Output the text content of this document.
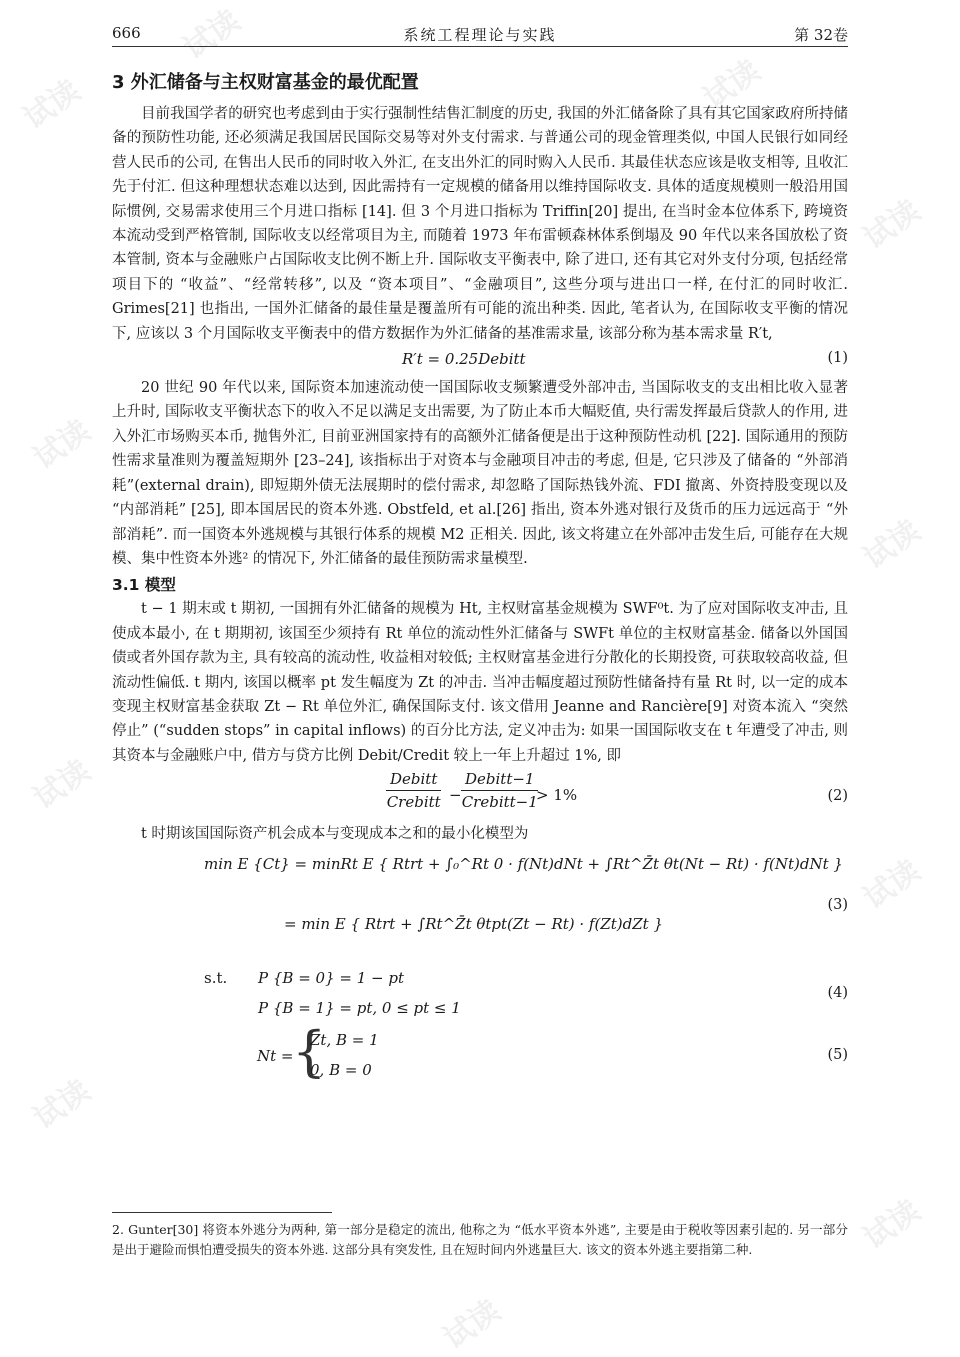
试读
试读
试读
试读
试读
试读
试读
试读
试读
试读
试读
666	系统工程理论与实践	第 32卷
3 外汇储备与主权财富基金的最优配置

目前我国学者的研究也考虑到由于实行强制性结售汇制度的历史, 我国的外汇储备除了具有其它国家政府所持储备的预防性功能, 还必须满足我国居民国际交易等对外支付需求. 与普通公司的现金管理类似, 中国人民银行如同经营人民币的公司, 在售出人民币的同时收入外汇, 在支出外汇的同时购入人民币. 其最佳状态应该是收支相等, 且收汇先于付汇. 但这种理想状态难以达到, 因此需持有一定规模的储备用以维持国际收支. 具体的适度规模则一般沿用国际惯例, 交易需求使用三个月进口指标 [14]. 但 3 个月进口指标为 Triffin[20] 提出, 在当时金本位体系下, 跨境资本流动受到严格管制, 国际收支以经常项目为主, 而随着 1973 年布雷顿森林体系倒塌及 90 年代以来各国放松了资本管制, 资本与金融账户占国际收支比例不断上升. 国际收支平衡表中, 除了进口, 还有其它对外支付分项, 包括经常项目下的 “收益”、“经常转移”, 以及 “资本项目”、“金融项目”, 这些分项与进出口一样, 在付汇的同时收汇. Grimes[21] 也指出, 一国外汇储备的最佳量是覆盖所有可能的流出种类. 因此, 笔者认为, 在国际收支平衡的情况下, 应该以 3 个月国际收支平衡表中的借方数据作为外汇储备的基准需求量, 该部分称为基本需求量 R′t,

R′t = 0.25Debitt	(1)

20 世纪 90 年代以来, 国际资本加速流动使一国国际收支频繁遭受外部冲击, 当国际收支的支出相比收入显著上升时, 国际收支平衡状态下的收入不足以满足支出需要, 为了防止本币大幅贬值, 央行需发挥最后贷款人的作用, 进入外汇市场购买本币, 抛售外汇, 目前亚洲国家持有的高额外汇储备便是出于这种预防性动机 [22]. 国际通用的预防性需求量准则为覆盖短期外 [23–24], 该指标出于对资本与金融项目冲击的考虑, 但是, 它只涉及了储备的 “外部消耗”(external drain), 即短期外债无法展期时的偿付需求, 却忽略了国际热钱外流、FDI 撤离、外资持股变现以及 “内部消耗” [25], 即本国居民的资本外逃. Obstfeld, et al.[26] 指出, 资本外逃对银行及货币的压力远远高于 “外部消耗”. 而一国资本外逃规模与其银行体系的规模 M2 正相关. 因此, 该文将建立在外部冲击发生后, 可能存在大规模、集中性资本外逃² 的情况下, 外汇储备的最佳预防需求量模型.

3.1 模型

t − 1 期末或 t 期初, 一国拥有外汇储备的规模为 Ht, 主权财富基金规模为 SWF⁰t. 为了应对国际收支冲击, 且使成本最小, 在 t 期期初, 该国至少须持有 Rt 单位的流动性外汇储备与 SWFt 单位的主权财富基金. 储备以外国国债或者外国存款为主, 具有较高的流动性, 收益相对较低; 主权财富基金进行分散化的长期投资, 可获取较高收益, 但流动性偏低. t 期内, 该国以概率 pt 发生幅度为 Zt 的冲击. 当冲击幅度超过预防性储备持有量 Rt 时, 以一定的成本变现主权财富基金获取 Zt − Rt 单位外汇, 确保国际支付. 该文借用 Jeanne and Rancière[9] 对资本流入 “突然停止” (“sudden stops” in capital inflows) 的百分比方法, 定义冲击为: 如果一国国际收支在 t 年遭受了冲击, 则其资本与金融账户中, 借方与贷方比例 Debit/Credit 较上一年上升超过 1%, 即

Debitt
Crebitt −
Debitt−1
Crebitt−1
> 1%	(2)

t 时期该国国际资产机会成本与变现成本之和的最小化模型为

min E {Ct} = minRt E { Rtrt + ∫₀^Rt 0 · f(Nt)dNt + ∫Rt^Z̄t θt(Nt − Rt) · f(Nt)dNt }
= min E { Rtrt + ∫Rt^Z̄t θtpt(Zt − Rt) · f(Zt)dZt }
(3)
s.t. P {B = 0} = 1 − pt
P {B = 1} = pt, 0 ≤ pt ≤ 1
(4)
Nt =
{
Zt, B = 1
0, B = 0
(5)
2. Gunter[30] 将资本外逃分为两种, 第一部分是稳定的流出, 他称之为 “低水平资本外逃”, 主要是由于税收等因素引起的. 另一部分是出于避险而惧怕遭受损失的资本外逃. 这部分具有突发性, 且在短时间内外逃量巨大. 该文的资本外逃主要指第二种.
